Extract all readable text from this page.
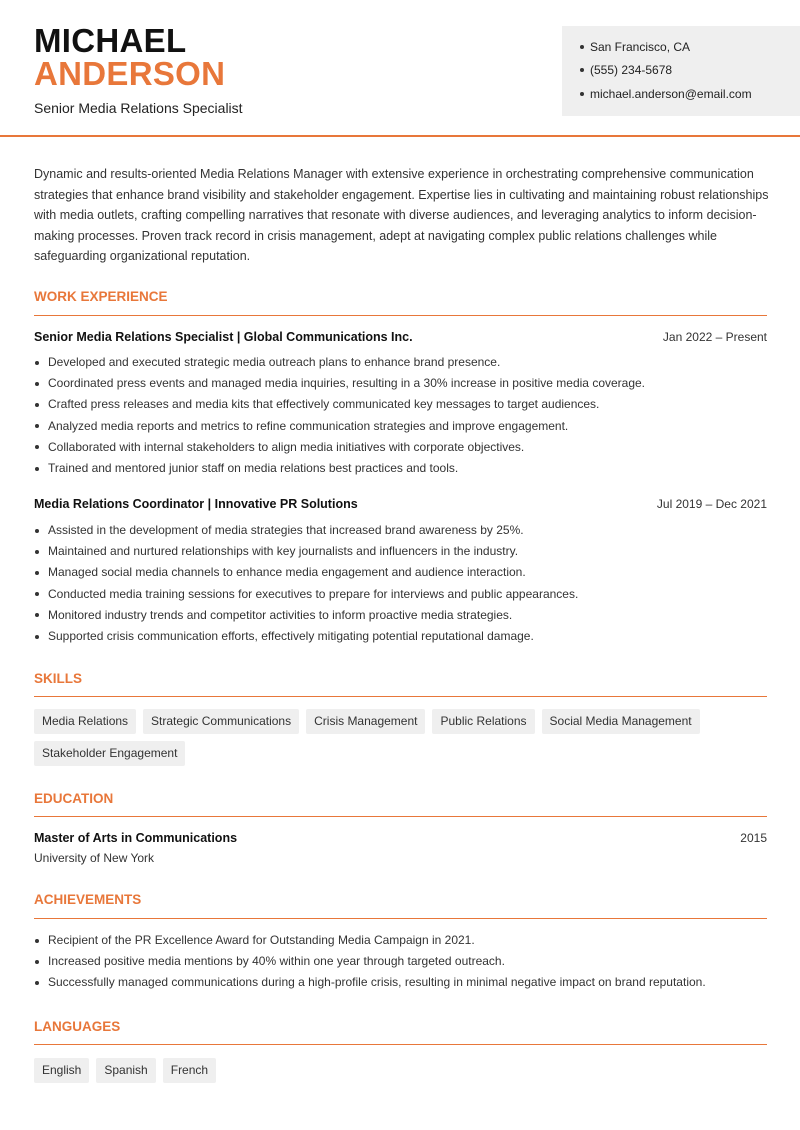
MICHAEL
ANDERSON
Senior Media Relations Specialist
San Francisco, CA
(555) 234-5678
michael.anderson@email.com

Dynamic and results-oriented Media Relations Manager with extensive experience in orchestrating comprehensive communication strategies that enhance brand visibility and stakeholder engagement. Expertise lies in cultivating and maintaining robust relationships with media outlets, crafting compelling narratives that resonate with diverse audiences, and leveraging analytics to inform decision-making processes. Proven track record in crisis management, adept at navigating complex public relations challenges while safeguarding organizational reputation.

WORK EXPERIENCE
Senior Media Relations Specialist | Global Communications Inc.	Jan 2022 – Present
Developed and executed strategic media outreach plans to enhance brand presence.
Coordinated press events and managed media inquiries, resulting in a 30% increase in positive media coverage.
Crafted press releases and media kits that effectively communicated key messages to target audiences.
Analyzed media reports and metrics to refine communication strategies and improve engagement.
Collaborated with internal stakeholders to align media initiatives with corporate objectives.
Trained and mentored junior staff on media relations best practices and tools.
Media Relations Coordinator | Innovative PR Solutions	Jul 2019 – Dec 2021
Assisted in the development of media strategies that increased brand awareness by 25%.
Maintained and nurtured relationships with key journalists and influencers in the industry.
Managed social media channels to enhance media engagement and audience interaction.
Conducted media training sessions for executives to prepare for interviews and public appearances.
Monitored industry trends and competitor activities to inform proactive media strategies.
Supported crisis communication efforts, effectively mitigating potential reputational damage.
SKILLS
Media Relations	Strategic Communications	Crisis Management	Public Relations	Social Media Management
Stakeholder Engagement
EDUCATION
Master of Arts in Communications	2015
University of New York
ACHIEVEMENTS
Recipient of the PR Excellence Award for Outstanding Media Campaign in 2021.
Increased positive media mentions by 40% within one year through targeted outreach.
Successfully managed communications during a high-profile crisis, resulting in minimal negative impact on brand reputation.
LANGUAGES
English	Spanish	French
